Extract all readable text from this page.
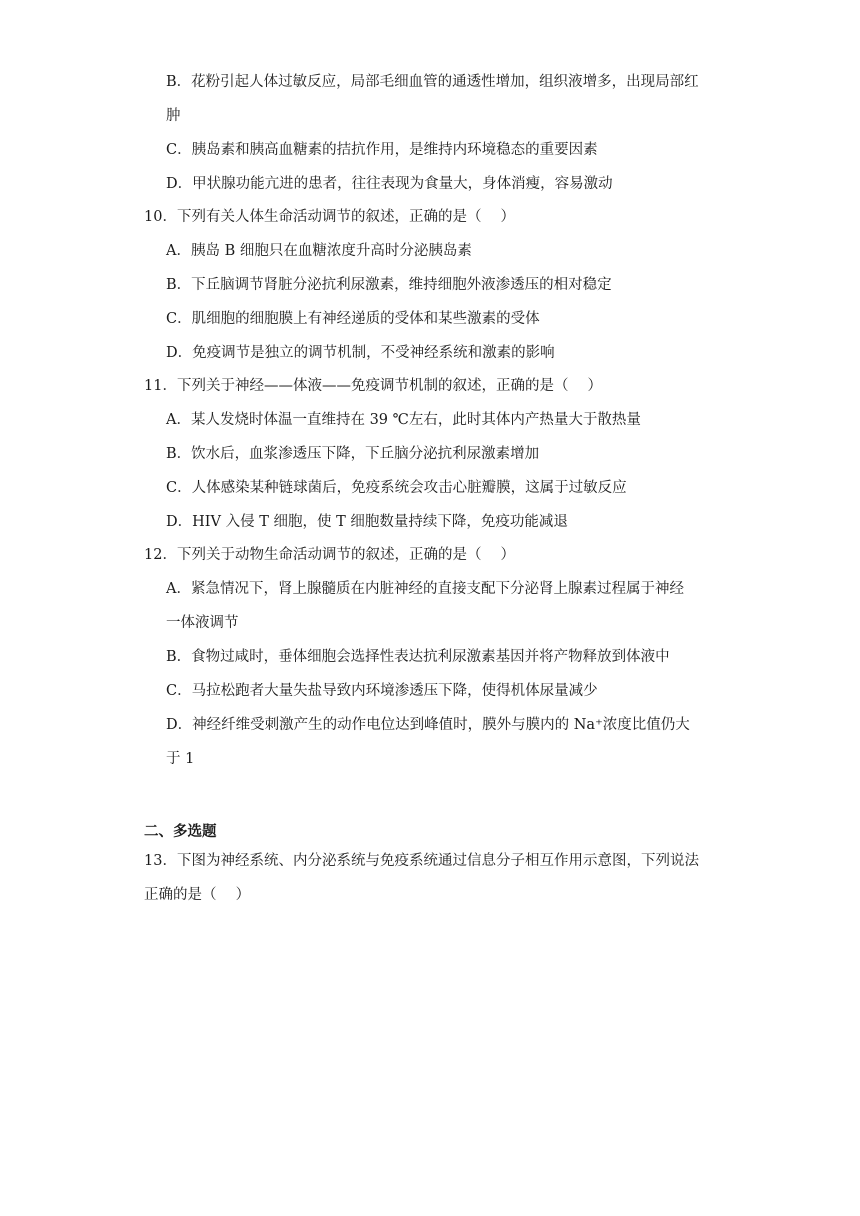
B．花粉引起人体过敏反应，局部毛细血管的通透性增加，组织液增多，出现局部红
肿
C．胰岛素和胰高血糖素的拮抗作用，是维持内环境稳态的重要因素
D．甲状腺功能亢进的患者，往往表现为食量大，身体消瘦，容易激动
10．下列有关人体生命活动调节的叙述，正确的是（　 ）
A．胰岛 B 细胞只在血糖浓度升高时分泌胰岛素
B．下丘脑调节肾脏分泌抗利尿激素，维持细胞外液渗透压的相对稳定
C．肌细胞的细胞膜上有神经递质的受体和某些激素的受体
D．免疫调节是独立的调节机制，不受神经系统和激素的影响
11．下列关于神经——体液——免疫调节机制的叙述，正确的是（　 ）
A．某人发烧时体温一直维持在 39 ℃左右，此时其体内产热量大于散热量
B．饮水后，血浆渗透压下降，下丘脑分泌抗利尿激素增加
C．人体感染某种链球菌后，免疫系统会攻击心脏瓣膜，这属于过敏反应
D．HIV 入侵 T 细胞，使 T 细胞数量持续下降，免疫功能减退
12．下列关于动物生命活动调节的叙述，正确的是（　 ）
A．紧急情况下，肾上腺髓质在内脏神经的直接支配下分泌肾上腺素过程属于神经
一体液调节
B．食物过咸时，垂体细胞会选择性表达抗利尿激素基因并将产物释放到体液中
C．马拉松跑者大量失盐导致内环境渗透压下降，使得机体尿量减少
D．神经纤维受刺激产生的动作电位达到峰值时，膜外与膜内的 Na⁺浓度比值仍大
于 1
二、多选题
13．下图为神经系统、内分泌系统与免疫系统通过信息分子相互作用示意图，下列说法
正确的是（　 ）
